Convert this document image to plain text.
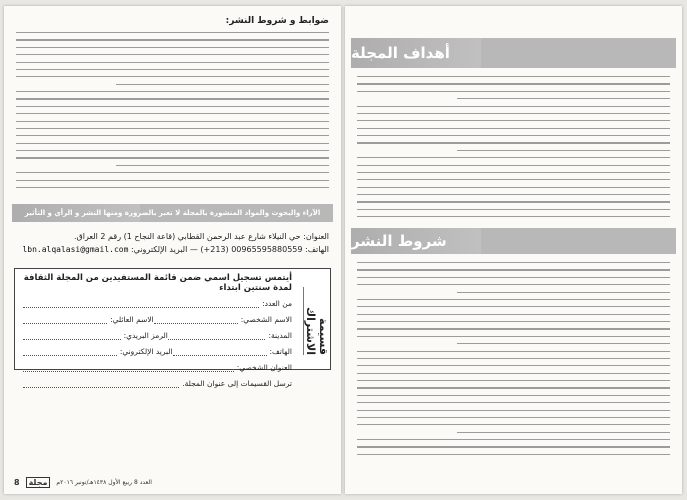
ضوابط و شروط النشر:
الآراء والبحوث والمواد المنشورة بالمجلة لا تعبر بالضرورة ومنها النشر و الرأي و التأثير
العنوان: حي النيلاء شارع عبد الرحمن القطابي (قاعة النجاح 1) رقم 2 العراق.
الهاتف: 00965595880559 (213+) — البريد الإلكتروني: lbn.alqalasi@gmail.com
قسيمة الاشتراك
أيتمس تسجيل اسمي ضمن قائمة المستفيدين من المجلة الثقافة لمدة سنتين ابتداء
من العدد:
الاسم الشخصي:
الاسم العائلي:
المدينة:
الرمز البريدي:
الهاتف:
البريد الإلكتروني:
العنوان الشخصي:
ترسل القسيمات إلى عنوان المجلة.
8	مجلة	العدد 8 ربيع الأول ١٤٣٨هـ/نونبر ٢٠١٦م
أهداف المجلة
شروط النشر
